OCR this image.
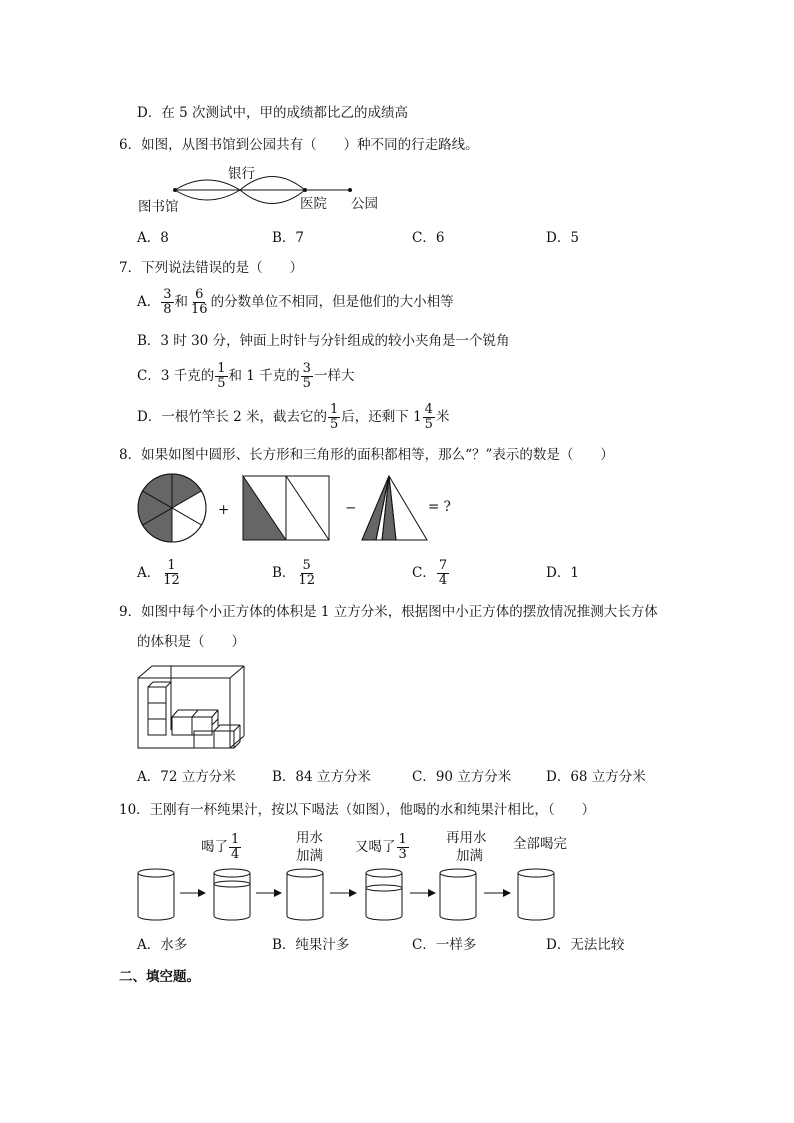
D．在 5 次测试中，甲的成绩都比乙的成绩高
6．如图，从图书馆到公园共有（　　）种不同的行走路线。
图书馆
银行
医院 公园
A．8	B．7	C．6	D．5
7．下列说法错误的是（　　）
A． $\frac{3}{8}$ 和 $\frac{6}{16}$ 的分数单位不相同，但是他们的大小相等
B．3 时 30 分，钟面上时针与分针组成的较小夹角是一个锐角
C．3 千克的 $\frac{1}{5}$ 和 1 千克的 $\frac{3}{5}$ 一样大
D．一根竹竿长 2 米，截去它的 $\frac{1}{5}$ 后，还剩下 $1 \frac{4}{5}$ 米
8．如果如图中圆形、长方形和三角形的面积都相等，那么“？”表示的数是（　　）
+	−	= ?
A． $\frac{1}{12}$	B． $\frac{5}{12}$	C． $\frac{7}{4}$	D．1
9．如图中每个小正方体的体积是 1 立方分米，根据图中小正方体的摆放情况推测大长方体
的体积是（　　）
A．72 立方分米	B．84 立方分米	C．90 立方分米	D．68 立方分米
10．王刚有一杯纯果汁，按以下喝法（如图），他喝的水和纯果汁相比，（　　）
喝了 $\frac{1}{4}$	用水
加满
又喝了 $\frac{1}{3}$	再用水
加满
全部喝完
A．水多	B．纯果汁多	C．一样多	D．无法比较
二、填空题。
